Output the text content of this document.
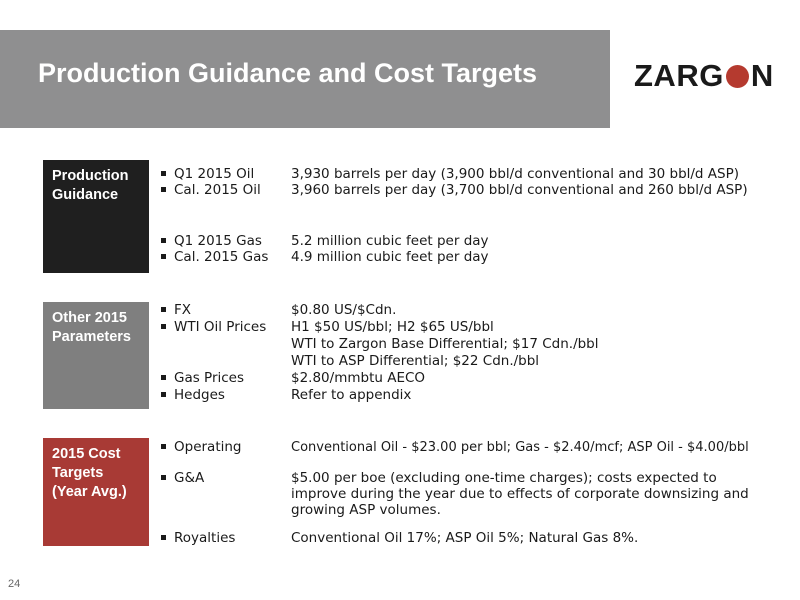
Production Guidance and Cost Targets	ZARG N
Production
Guidance
Q1 2015 Oil	3,930 barrels per day (3,900 bbl/d conventional and 30 bbl/d ASP)
Cal. 2015 Oil 3,960 barrels per day (3,700 bbl/d conventional and 260 bbl/d ASP)
Q1 2015 Gas 5.2 million cubic feet per day
Cal. 2015 Gas 4.9 million cubic feet per day
Other 2015
Parameters
FX	$0.80 US/$Cdn.
WTI Oil Prices H1 $50 US/bbl; H2 $65 US/bbl
WTI to Zargon Base Differential; $17 Cdn./bbl
WTI to ASP Differential; $22 Cdn./bbl
Gas Prices	$2.80/mmbtu AECO
Hedges	Refer to appendix
2015 Cost
Targets
(Year Avg.)
Operating	Conventional Oil - $23.00 per bbl; Gas - $2.40/mcf; ASP Oil - $4.00/bbl
G&A	$5.00 per boe (excluding one-time charges); costs expected to
improve during the year due to effects of corporate downsizing and
growing ASP volumes.
Royalties	Conventional Oil 17%; ASP Oil 5%; Natural Gas 8%.
24
